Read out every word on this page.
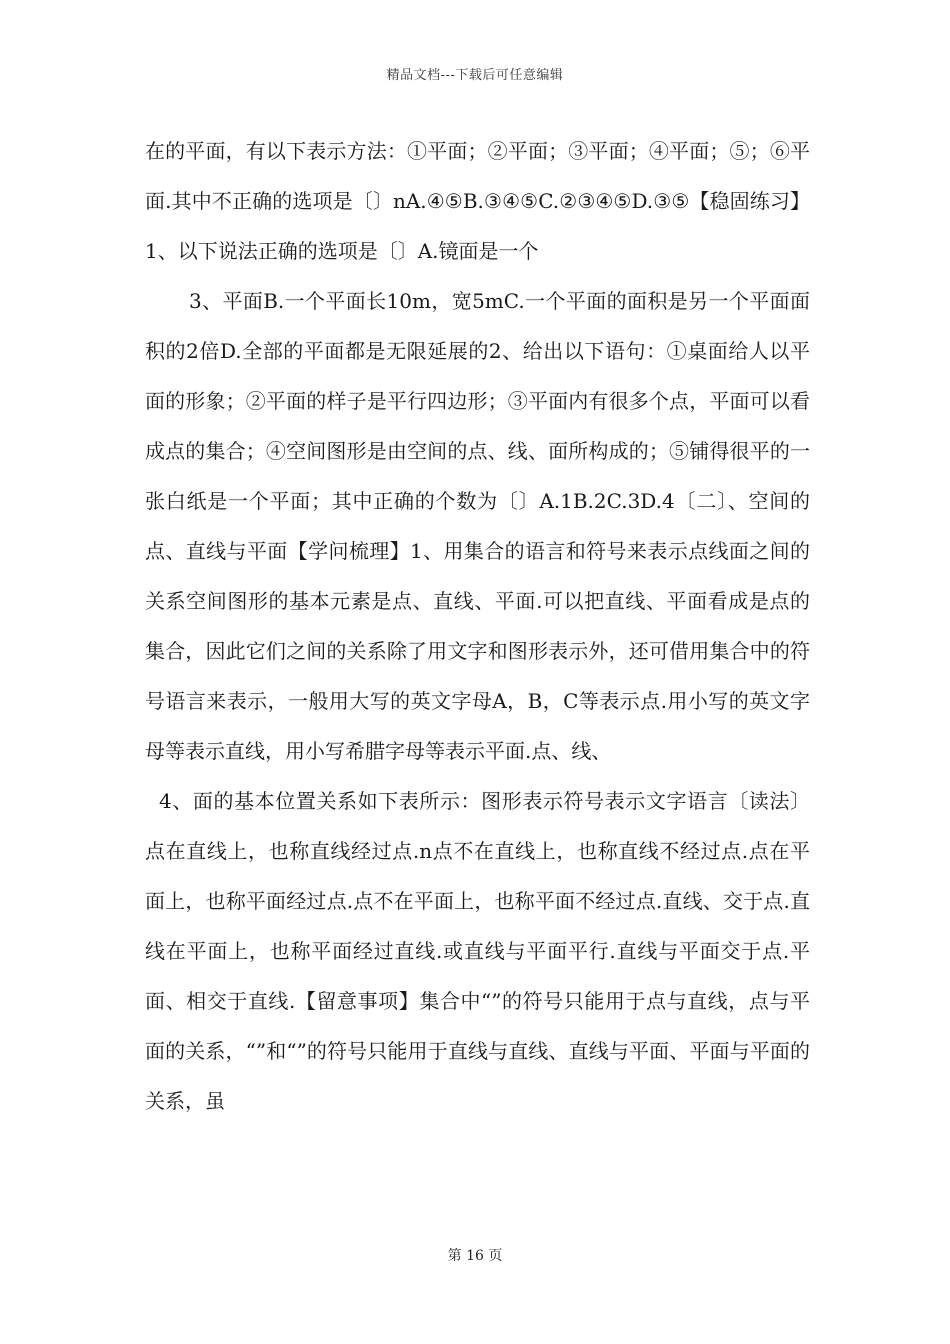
精品文档---下载后可任意编辑

在的平面，有以下表示方法：①平面；②平面；③平面；④平面；⑤；⑥平面.其中不正确的选项是〔〕nA.④⑤B.③④⑤C.②③④⑤D.③⑤【稳固练习】1、以下说法正确的选项是〔〕A.镜面是一个

3、平面B.一个平面长10m，宽5mC.一个平面的面积是另一个平面面积的2倍D.全部的平面都是无限延展的2、给出以下语句：①桌面给人以平面的形象；②平面的样子是平行四边形；③平面内有很多个点，平面可以看成点的集合；④空间图形是由空间的点、线、面所构成的；⑤铺得很平的一张白纸是一个平面；其中正确的个数为〔〕A.1B.2C.3D.4〔二〕、空间的点、直线与平面【学问梳理】1、用集合的语言和符号来表示点线面之间的关系空间图形的基本元素是点、直线、平面.可以把直线、平面看成是点的集合，因此它们之间的关系除了用文字和图形表示外，还可借用集合中的符号语言来表示，一般用大写的英文字母A，B，C等表示点.用小写的英文字母等表示直线，用小写希腊字母等表示平面.点、线、

4、面的基本位置关系如下表所示：图形表示符号表示文字语言〔读法〕点在直线上，也称直线经过点.n点不在直线上，也称直线不经过点.点在平面上，也称平面经过点.点不在平面上，也称平面不经过点.直线、交于点.直线在平面上，也称平面经过直线.或直线与平面平行.直线与平面交于点.平面、相交于直线.【留意事项】集合中“”的符号只能用于点与直线，点与平面的关系，“”和“”的符号只能用于直线与直线、直线与平面、平面与平面的关系，虽

第 16 页
